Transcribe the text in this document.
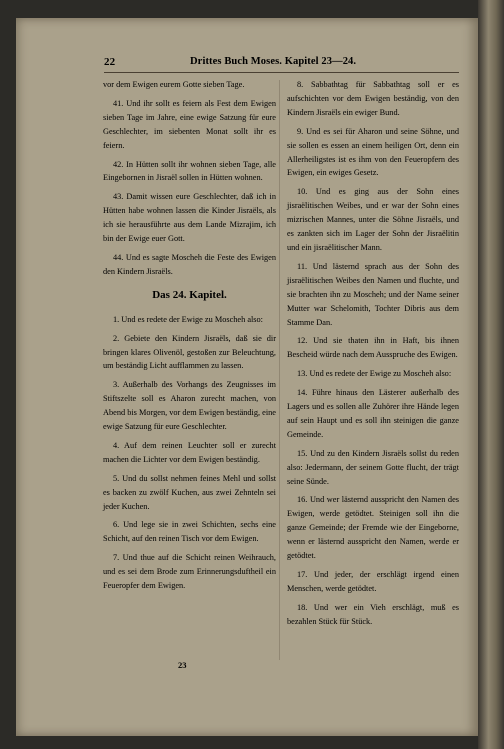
22	Drittes Buch Moses. Kapitel 23—24.

vor dem Ewigen eurem Gotte sieben Tage.

41. Und ihr sollt es feiern als Fest dem Ewigen sieben Tage im Jahre, eine ewige Satzung für eure Geschlechter, im siebenten Monat sollt ihr es feiern.

42. In Hütten sollt ihr wohnen sieben Tage, alle Eingebornen in Jisraël sollen in Hütten wohnen.

43. Damit wissen eure Geschlechter, daß ich in Hütten habe wohnen lassen die Kinder Jisraëls, als ich sie herausführte aus dem Lande Mizrajim, ich bin der Ewige euer Gott.

44. Und es sagte Moscheh die Feste des Ewigen den Kindern Jisraëls.

Das 24. Kapitel.

1. Und es redete der Ewige zu Moscheh also:

2. Gebiete den Kindern Jisraëls, daß sie dir bringen klares Olivenöl, gestoßen zur Beleuchtung, um beständig Licht aufflammen zu lassen.

3. Außerhalb des Vorhangs des Zeugnisses im Stiftszelte soll es Aharon zurecht machen, von Abend bis Morgen, vor dem Ewigen beständig, eine ewige Satzung für eure Geschlechter.

4. Auf dem reinen Leuchter soll er zurecht machen die Lichter vor dem Ewigen beständig.

5. Und du sollst nehmen feines Mehl und sollst es backen zu zwölf Kuchen, aus zwei Zehnteln sei jeder Kuchen.

6. Und lege sie in zwei Schichten, sechs eine Schicht, auf den reinen Tisch vor dem Ewigen.

7. Und thue auf die Schicht reinen Weihrauch, und es sei dem Brode zum Erinnerungsduftheil ein Feueropfer dem Ewigen.

8. Sabbathtag für Sabbathtag soll er es aufschichten vor dem Ewigen beständig, von den Kindern Jisraëls ein ewiger Bund.

9. Und es sei für Aharon und seine Söhne, und sie sollen es essen an einem heiligen Ort, denn ein Allerheiligstes ist es ihm von den Feueropfern des Ewigen, ein ewiges Gesetz.

10. Und es ging aus der Sohn eines jisraëlitischen Weibes, und er war der Sohn eines mizrischen Mannes, unter die Söhne Jisraëls, und es zankten sich im Lager der Sohn der Jisraëlitin und ein jisraëlitischer Mann.

11. Und lästernd sprach aus der Sohn des jisraëlitischen Weibes den Namen und fluchte, und sie brachten ihn zu Moscheh; und der Name seiner Mutter war Schelomith, Tochter Dibris aus dem Stamme Dan.

12. Und sie thaten ihn in Haft, bis ihnen Bescheid würde nach dem Ausspruche des Ewigen.

13. Und es redete der Ewige zu Moscheh also:

14. Führe hinaus den Lästerer außerhalb des Lagers und es sollen alle Zuhörer ihre Hände legen auf sein Haupt und es soll ihn steinigen die ganze Gemeinde.

15. Und zu den Kindern Jisraëls sollst du reden also: Jedermann, der seinem Gotte flucht, der trägt seine Sünde.

16. Und wer lästernd ausspricht den Namen des Ewigen, werde getödtet. Steinigen soll ihn die ganze Gemeinde; der Fremde wie der Eingeborne, wenn er lästernd ausspricht den Namen, werde er getödtet.

17. Und jeder, der erschlägt irgend einen Menschen, werde getödtet.

18. Und wer ein Vieh erschlägt, muß es bezahlen Stück für Stück.

23
